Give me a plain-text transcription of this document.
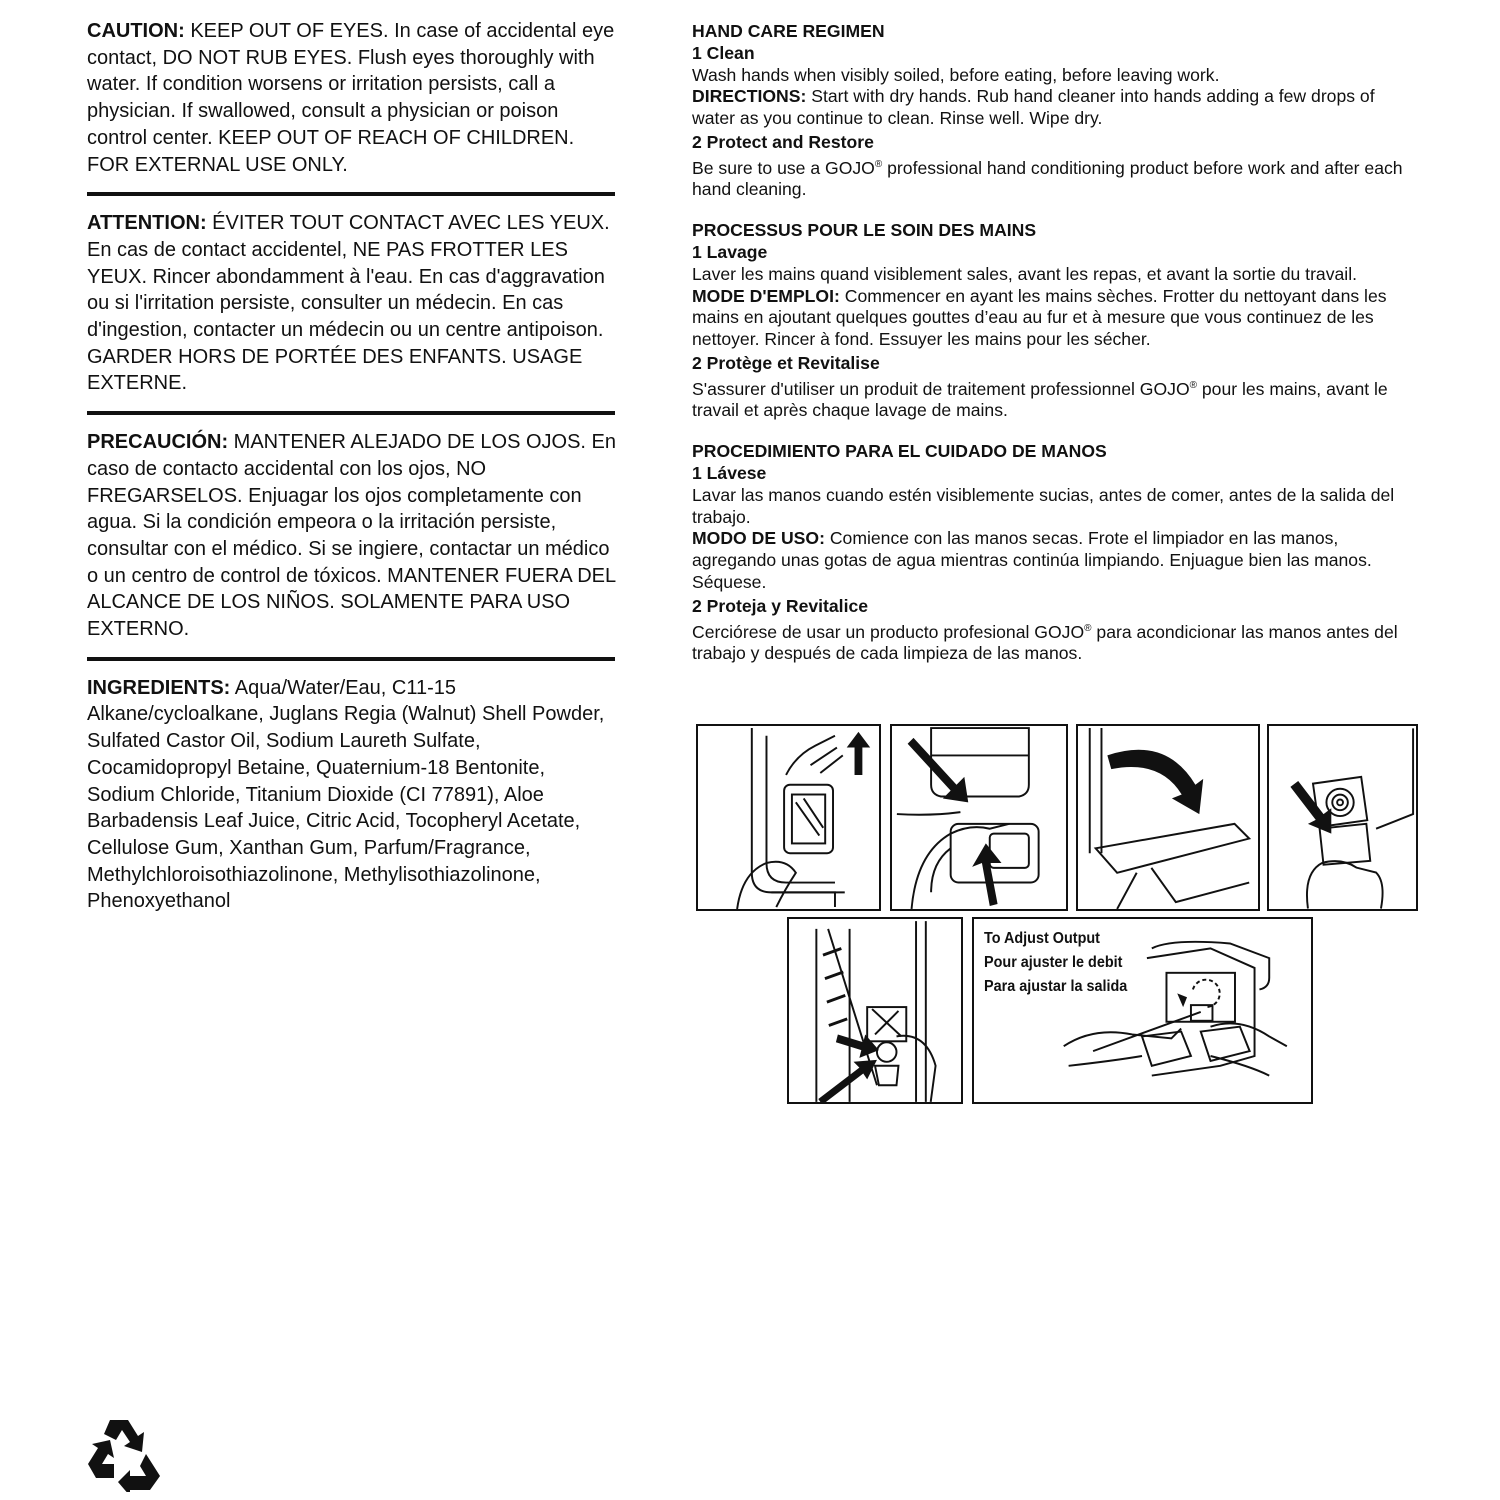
CAUTION: KEEP OUT OF EYES. In case of accidental eye contact, DO NOT RUB EYES. Flush eyes thoroughly with water. If condition worsens or irritation persists, call a physician. If swallowed, consult a physician or poison control center. KEEP OUT OF REACH OF CHILDREN. FOR EXTERNAL USE ONLY.
ATTENTION: ÉVITER TOUT CONTACT AVEC LES YEUX. En cas de contact accidentel, NE PAS FROTTER LES YEUX. Rincer abondamment à l'eau. En cas d'aggravation ou si l'irritation persiste, consulter un médecin. En cas d'ingestion, contacter un médecin ou un centre antipoison. GARDER HORS DE PORTÉE DES ENFANTS. USAGE EXTERNE.
PRECAUCIÓN: MANTENER ALEJADO DE LOS OJOS. En caso de contacto accidental con los ojos, NO FREGARSELOS. Enjuagar los ojos completamente con agua. Si la condición empeora o la irritación persiste, consultar con el médico. Si se ingiere, contactar un médico o un centro de control de tóxicos. MANTENER FUERA DEL ALCANCE DE LOS NIÑOS. SOLAMENTE PARA USO EXTERNO.
INGREDIENTS: Aqua/Water/Eau, C11-15 Alkane/cycloalkane, Juglans Regia (Walnut) Shell Powder, Sulfated Castor Oil, Sodium Laureth Sulfate, Cocamidopropyl Betaine, Quaternium-18 Bentonite, Sodium Chloride, Titanium Dioxide (CI 77891), Aloe Barbadensis Leaf Juice, Citric Acid, Tocopheryl Acetate, Cellulose Gum, Xanthan Gum, Parfum/Fragrance, Methylchloroisothiazolinone, Methylisothiazolinone, Phenoxyethanol
HAND CARE REGIMEN
1 Clean
Wash hands when visibly soiled, before eating, before leaving work.
DIRECTIONS: Start with dry hands. Rub hand cleaner into hands adding a few drops of water as you continue to clean. Rinse well. Wipe dry.
2 Protect and Restore
Be sure to use a GOJO® professional hand conditioning product before work and after each hand cleaning.
PROCESSUS POUR LE SOIN DES MAINS
1 Lavage
Laver les mains quand visiblement sales, avant les repas, et avant la sortie du travail.
MODE D'EMPLOI: Commencer en ayant les mains sèches. Frotter du nettoyant dans les mains en ajoutant quelques gouttes d’eau au fur et à mesure que vous continuez de les nettoyer. Rincer à fond. Essuyer les mains pour les sécher.
2 Protège et Revitalise
S'assurer d'utiliser un produit de traitement professionnel GOJO® pour les mains, avant le travail et après chaque lavage de mains.
PROCEDIMIENTO PARA EL CUIDADO DE MANOS
1 Lávese
Lavar las manos cuando estén visiblemente sucias, antes de comer, antes de la salida del trabajo.
MODO DE USO: Comience con las manos secas. Frote el limpiador en las manos, agregando unas gotas de agua mientras continúa limpiando. Enjuague bien las manos. Séquese.
2 Proteja y Revitalice
Cerciórese de usar un producto profesional GOJO® para acondicionar las manos antes del trabajo y después de cada limpieza de las manos.
To Adjust Output
Pour ajuster le debit
Para ajustar la salida
